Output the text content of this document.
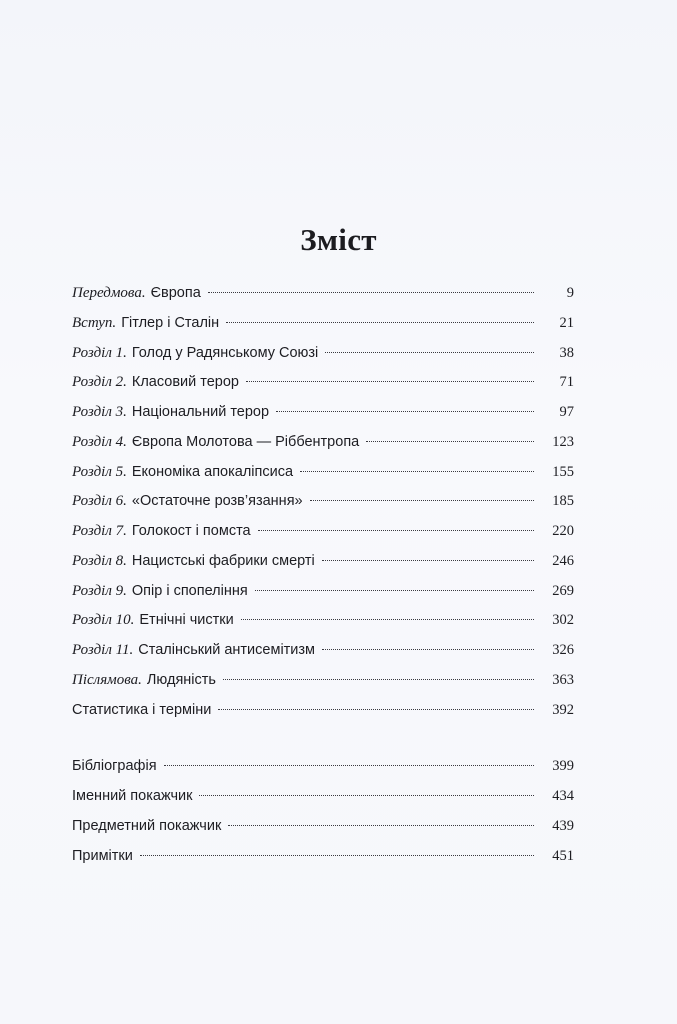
Зміст
Передмова. Європа	9
Вступ. Гітлер і Сталін	21
Розділ 1. Голод у Радянському Союзі	38
Розділ 2. Класовий терор	71
Розділ 3. Національний терор	97
Розділ 4. Європа Молотова — Ріббентропа	123
Розділ 5. Економіка апокаліпсиса	155
Розділ 6. «Остаточне розв’язання»	185
Розділ 7. Голокост і помста	220
Розділ 8. Нацистські фабрики смерті	246
Розділ 9. Опір і спопеління	269
Розділ 10. Етнічні чистки	302
Розділ 11. Сталінський антисемітизм	326
Післямова. Людяність	363
Статистика і терміни	392
Бібліографія	399
Іменний покажчик	434
Предметний покажчик	439
Примітки	451
